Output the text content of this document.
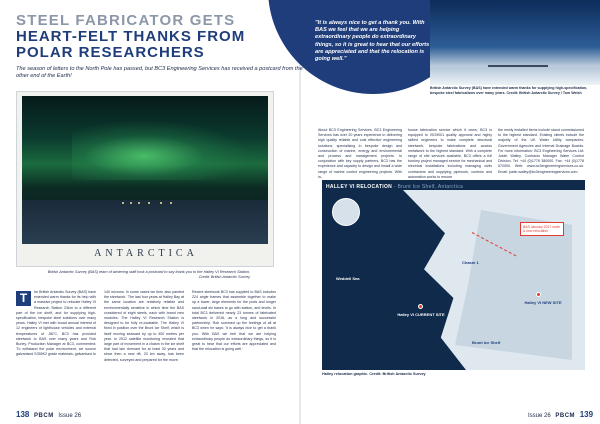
STEEL FABRICATOR GETS
HEART-FELT THANKS FROM
POLAR RESEARCHERS
The season of letters to the North Pole has passed, but BC3 Engineering Services has received a postcard from the other end of the Earth!
ANTARCTICA
British Antarctic Survey (BAS) team of wintering staff took a postcard to say thank you to the Halley VI Research Station. Credit: British Antarctic Survey
T	he British Antarctic Survey (BAS) have extended warm thanks for its help with a massive project to relocate Halley VI Research Station 23km to a different part of the ice shelf, and for supplying high-specification, bespoke steel solutions over many years. Halley VI met with broad annual interest of 12 engineers of lighthouse vehicles and external temperatures of -56°C. BC3 has provided steelwork to BAS over many years and Rob Burley, Production Manager at BC3, commented: 'To withstand the polar environment, we source galvanised S355K2 grade materials, galvanised to
140 microns. In some cases we then also painted the steelwork.' The last four years at Halley Bay at the same location are relatively reliable and environmentally sensitive in which time the BAS considered of eight steels, each with brand new modules. The Halley VI Research Station is designed to be fully re-locatable. The Halley VI fixed in position over the Brunt Ice Shelf, which is itself moving seaward by up to 400 metres per year. In 2012 satellite monitoring revealed that large part of movement in a chasm in the ice shelf that had lain dormant for at least 30 years and since then a new rift, 23 km away, has been detected, surveyed and prepared for the move.
Recent steelwork BC3 has supplied to BAS includes 224 angle frames that assemble together to make up a tower, large elements for the pods and longer sand-wall ski bases to go with station, and levels. In total BC3 delivered nearly 23 tonnes of fabricated steelwork in 2016, as a long and successful partnership. Rob summed up the feelings of all at BC3 when he says: 'It is always nice to get a thank you. With BAS we feel that we are helping extraordinary people do extraordinary things, so it is great to hear that our efforts are appreciated and that the relocation is going well.'
138 PBCM Issue 26
"It is always nice to get a thank you. With BAS we feel that we are helping extraordinary people do extraordinary things, so it is great to hear that our efforts are appreciated and that the relocation is going well."
British Antarctic Survey (BAS) have extended warm thanks for supplying high-specification, bespoke steel fabrications over many years. Credit: British Antarctic Survey / Tom Welsh
About BC3 Engineering Services. BC3 Engineering Services has over 20 years experience in delivering high quality reliable and cost effective engineering solutions, specialising in bespoke design and construction of marine, energy and environmental and process and management projects. In conjunction with key supply partners, BC3 has the experience and capacity to design and install a wide range of marine control engineering projects. With in-
house fabrication service which it owns, BC3 is equipped to ISO9001 quality approval and highly skilled engineers to make complete structural steelwork, bespoke fabrications and access metalwork to the highest standard. With a complete range of site services available, BC3 offers a full turnkey project managed service for mechanical and electrical installations including managing civils contractors and supplying pipework, controls and automation works to ensure
the newly installed items include stand commissioned to the highest standard. Existing clients include the majority of the UK Water Utility companies, Government Agencies and Internal Drainage Boards. For more information: BC3 Engineering Services Ltd: Justin Walley, Contracts Manager Water Control Division. Tel: +44 (0)1778 380000. Fax: +44 (0)1778 570000. Web: www.bc3engineeringservices.co.uk. Email: justin.walley@bc3engineeringservices.com
HALLEY VI RELOCATION - Brunt Ice Shelf, Antarctica
Weddell Sea
Chasm 1
Brunt Ice Shelf
Halley VI CURRENT SITE
Halley VI NEW SITE
BAS January 2017 route & new relocation
Halley relocation graphic. Credit: British Antarctic Survey
Issue 26 PBCM 139
